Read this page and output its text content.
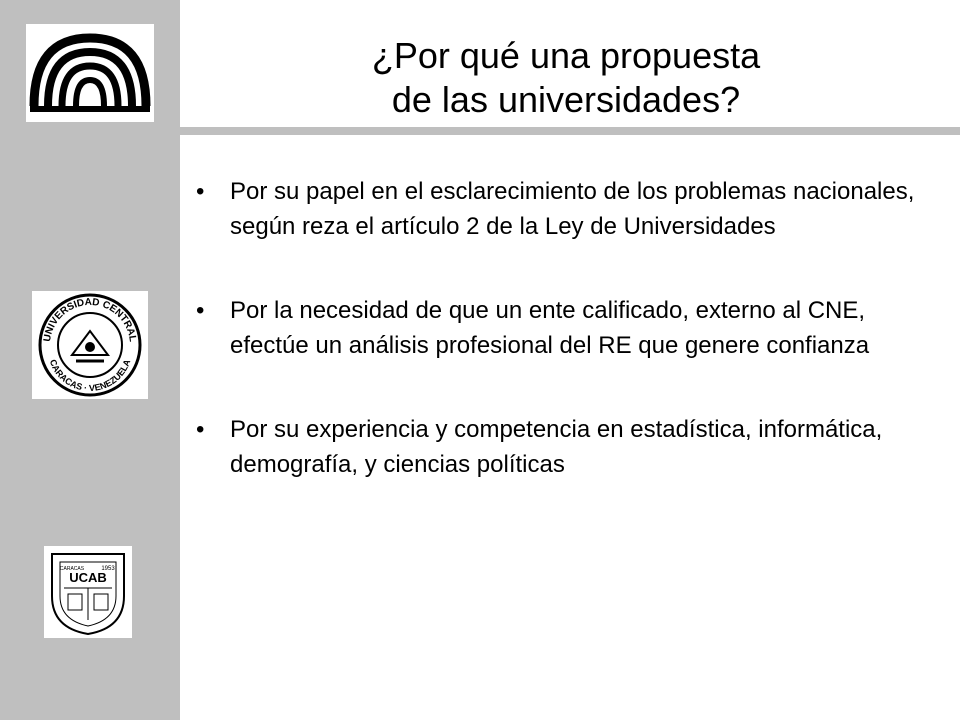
UNIVERSIDAD CENTRAL
CARACAS · VENEZUELA
UCAB
1953
CARACAS
¿Por qué una propuesta
de las universidades?
• Por su papel en el esclarecimiento de los problemas nacionales, según reza el artículo 2 de la Ley de Universidades
• Por la necesidad de que un ente calificado, externo al CNE, efectúe un análisis profesional del RE que genere confianza
• Por su experiencia y competencia en estadística, informática, demografía, y ciencias políticas
